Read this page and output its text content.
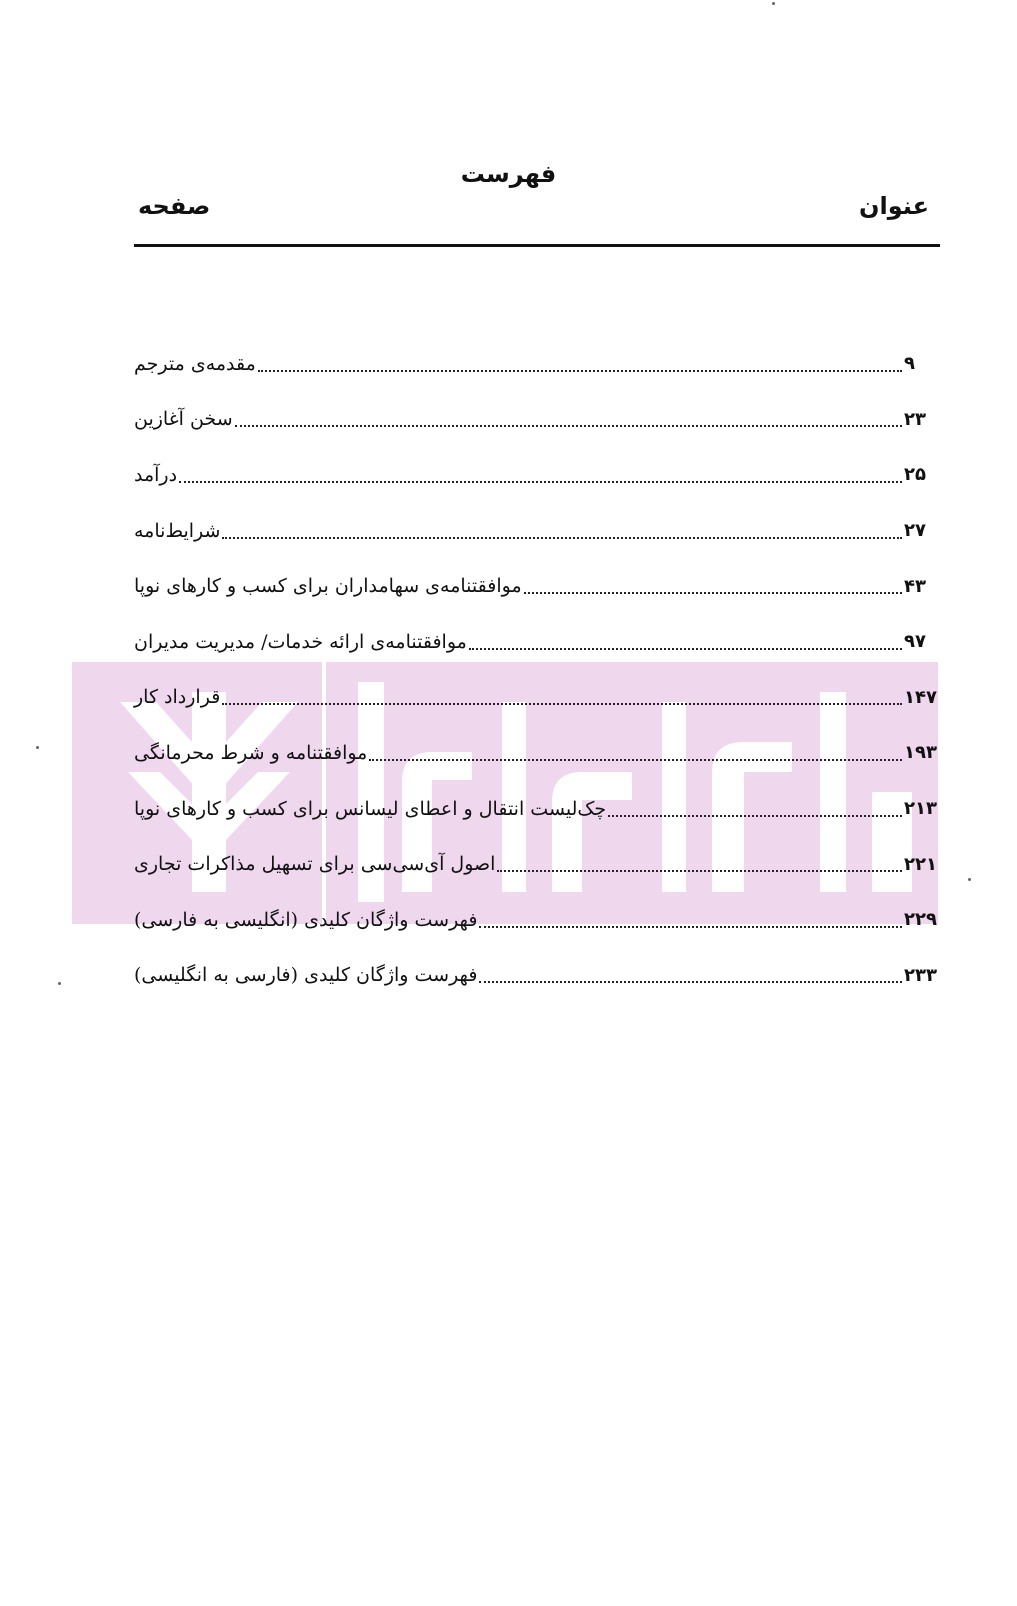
فهرست
عنوان
صفحه
مقدمه‌ی مترجم	۹
سخن آغازین	۲۳
درآمد	۲۵
شرایط‌نامه	۲۷
موافقتنامه‌ی سهامداران برای کسب و کارهای نوپا	۴۳
موافقتنامه‌ی ارائه خدمات/ مدیریت مدیران	۹۷
قرارداد کار	۱۴۷
موافقتنامه و شرط محرمانگی	۱۹۳
چک‌لیست انتقال و اعطای لیسانس برای کسب و کارهای نوپا	۲۱۳
اصول آی‌سی‌سی برای تسهیل مذاکرات تجاری	۲۲۱
فهرست واژگان کلیدی (انگلیسی به فارسی)	۲۲۹
فهرست واژگان کلیدی (فارسی به انگلیسی)	۲۳۳
